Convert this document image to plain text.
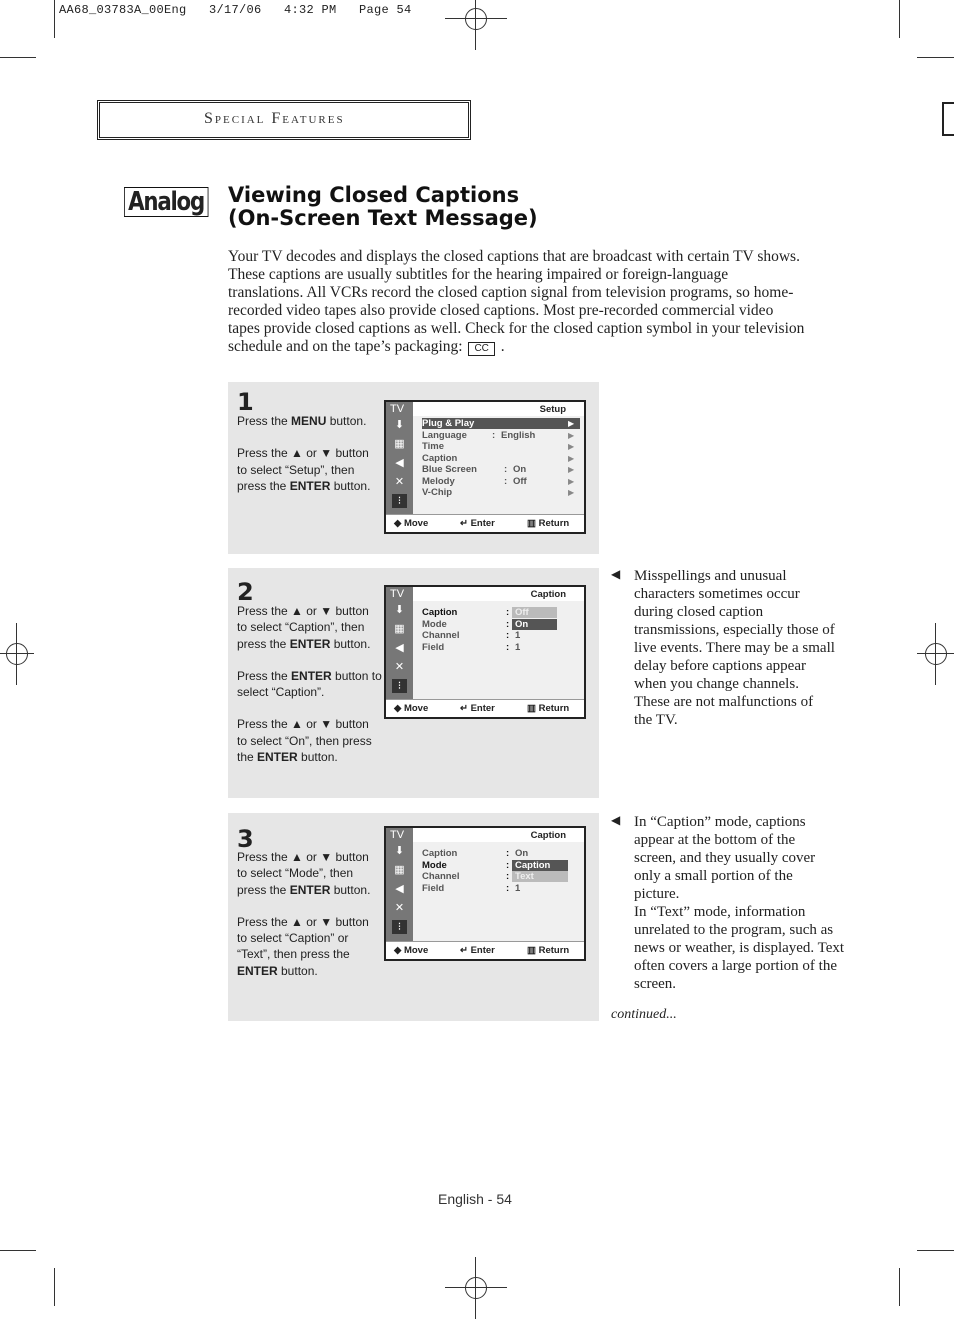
AA68_03783A_00Eng   3/17/06   4:32 PM   Page 54
Special Features
Analog Viewing Closed Captions
(On-Screen Text Message)
Your TV decodes and displays the closed captions that are broadcast with certain TV shows.
These captions are usually subtitles for the hearing impaired or foreign-language
translations. All VCRs record the closed caption signal from television programs, so home-
recorded video tapes also provide closed captions. Most pre-recorded commercial video
tapes provide closed captions as well. Check for the closed caption symbol in your television
schedule and on the tape’s packaging: CC .
1
Press the MENU button.
Press the ▲ or ▼ button
to select “Setup”, then
press the ENTER button.
TV	Setup
⬇
▦
◀
✕
⁝
Plug & Play	▶
Language	: English	▶
Time	▶
Caption	▶
Blue Screen	: On	▶
Melody	: Off	▶
V-Chip	▶
◆ Move	↵ Enter	▥ Return
2
Press the ▲ or ▼ button
to select “Caption”, then
press the ENTER button.
Press the ENTER button to
select “Caption”.
Press the ▲ or ▼ button
to select “On”, then press
the ENTER button.
TV	Caption
⬇
▦
◀
✕
⁝
Caption	: Off
Mode	: On
Channel	: 1
Field	: 1
◆ Move	↵ Enter	▥ Return
3
Press the ▲ or ▼ button
to select “Mode”, then
press the ENTER button.
Press the ▲ or ▼ button
to select “Caption” or
“Text”, then press the
ENTER button.
TV	Caption
⬇
▦
◀
✕
⁝
Caption	: On
Mode	: Caption
Channel	: Text
Field	: 1
◆ Move	↵ Enter	▥ Return
◀ Misspellings and unusual
characters sometimes occur
during closed caption
transmissions, especially those of
live events. There may be a small
delay before captions appear
when you change channels.
These are not malfunctions of
the TV.
◀ In “Caption” mode, captions
appear at the bottom of the
screen, and they usually cover
only a small portion of the
picture.
In “Text” mode, information
unrelated to the program, such as
news or weather, is displayed. Text
often covers a large portion of the
screen.
continued...
English - 54
